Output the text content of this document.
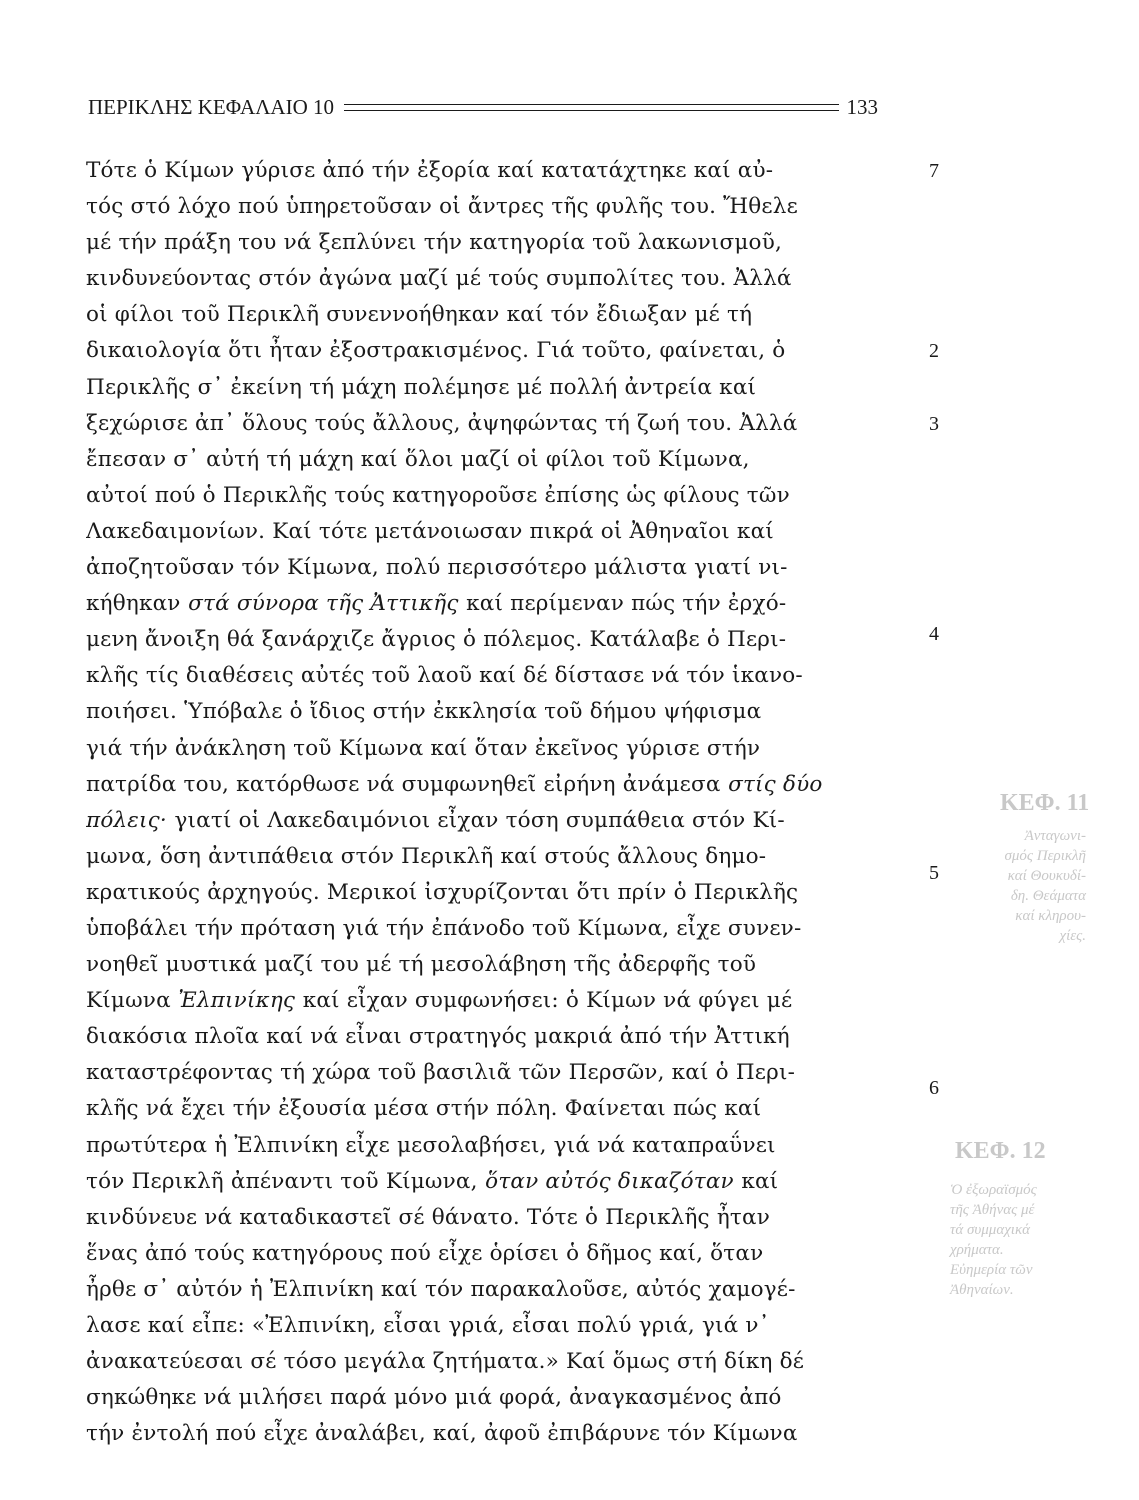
ΠΕΡΙΚΛΗΣ ΚΕΦΑΛΑΙΟ 10	133
Τότε ὁ Κίμων γύρισε ἀπό τήν ἐξορία καί κατατάχτηκε καί αὐ-
τός στό λόχο πού ὑπηρετοῦσαν οἱ ἄντρες τῆς φυλῆς του. Ἤθελε
μέ τήν πράξη του νά ξεπλύνει τήν κατηγορία τοῦ λακωνισμοῦ,
κινδυνεύοντας στόν ἀγώνα μαζί μέ τούς συμπολίτες του. Ἀλλά
οἱ φίλοι τοῦ Περικλῆ συνεννοήθηκαν καί τόν ἔδιωξαν μέ τή
δικαιολογία ὅτι ἦταν ἐξοστρακισμένος. Γιά τοῦτο, φαίνεται, ὁ
Περικλῆς σ᾿ ἐκείνη τή μάχη πολέμησε μέ πολλή ἀντρεία καί
ξεχώρισε ἀπ᾿ ὅλους τούς ἄλλους, ἀψηφώντας τή ζωή του. Ἀλλά
ἔπεσαν σ᾿ αὐτή τή μάχη καί ὅλοι μαζί οἱ φίλοι τοῦ Κίμωνα,
αὐτοί πού ὁ Περικλῆς τούς κατηγοροῦσε ἐπίσης ὡς φίλους τῶν
Λακεδαιμονίων. Καί τότε μετάνοιωσαν πικρά οἱ Ἀθηναῖοι καί
ἀποζητοῦσαν τόν Κίμωνα, πολύ περισσότερο μάλιστα γιατί νι-
κήθηκαν στά σύνορα τῆς Ἀττικῆς καί περίμεναν πώς τήν ἐρχό-
μενη ἄνοιξη θά ξανάρχιζε ἄγριος ὁ πόλεμος. Κατάλαβε ὁ Περι-
κλῆς τίς διαθέσεις αὐτές τοῦ λαοῦ καί δέ δίστασε νά τόν ἱκανο-
ποιήσει. Ὑπόβαλε ὁ ἴδιος στήν ἐκκλησία τοῦ δήμου ψήφισμα
γιά τήν ἀνάκληση τοῦ Κίμωνα καί ὅταν ἐκεῖνος γύρισε στήν
πατρίδα του, κατόρθωσε νά συμφωνηθεῖ εἰρήνη ἀνάμεσα στίς δύο
πόλεις· γιατί οἱ Λακεδαιμόνιοι εἶχαν τόση συμπάθεια στόν Κί-
μωνα, ὅση ἀντιπάθεια στόν Περικλῆ καί στούς ἄλλους δημο-
κρατικούς ἀρχηγούς. Μερικοί ἰσχυρίζονται ὅτι πρίν ὁ Περικλῆς
ὑποβάλει τήν πρόταση γιά τήν ἐπάνοδο τοῦ Κίμωνα, εἶχε συνεν-
νοηθεῖ μυστικά μαζί του μέ τή μεσολάβηση τῆς ἀδερφῆς τοῦ
Κίμωνα Ἐλπινίκης καί εἶχαν συμφωνήσει: ὁ Κίμων νά φύγει μέ
διακόσια πλοῖα καί νά εἶναι στρατηγός μακριά ἀπό τήν Ἀττική
καταστρέφοντας τή χώρα τοῦ βασιλιᾶ τῶν Περσῶν, καί ὁ Περι-
κλῆς νά ἔχει τήν ἐξουσία μέσα στήν πόλη. Φαίνεται πώς καί
πρωτύτερα ἡ Ἐλπινίκη εἶχε μεσολαβήσει, γιά νά καταπραΰνει
τόν Περικλῆ ἀπέναντι τοῦ Κίμωνα, ὅταν αὐτός δικαζόταν καί
κινδύνευε νά καταδικαστεῖ σέ θάνατο. Τότε ὁ Περικλῆς ἦταν
ἕνας ἀπό τούς κατηγόρους πού εἶχε ὁρίσει ὁ δῆμος καί, ὅταν
ἦρθε σ᾿ αὐτόν ἡ Ἐλπινίκη καί τόν παρακαλοῦσε, αὐτός χαμογέ-
λασε καί εἶπε: «Ἐλπινίκη, εἶσαι γριά, εἶσαι πολύ γριά, γιά ν᾿
ἀνακατεύεσαι σέ τόσο μεγάλα ζητήματα.» Καί ὅμως στή δίκη δέ
σηκώθηκε νά μιλήσει παρά μόνο μιά φορά, ἀναγκασμένος ἀπό
τήν ἐντολή πού εἶχε ἀναλάβει, καί, ἀφοῦ ἐπιβάρυνε τόν Κίμωνα
7
2
3
4
5
6
ΚΕΦ. 11
Ἀνταγωνι-
σμός Περικλῆ
καί Θουκυδί-
δη. Θεάματα
καί κληρου-
χίες.
ΚΕΦ. 12
Ὁ ἐξωραϊσμός
τῆς Ἀθήνας μέ
τά συμμαχικά
χρήματα.
Εὐημερία τῶν
Ἀθηναίων.
